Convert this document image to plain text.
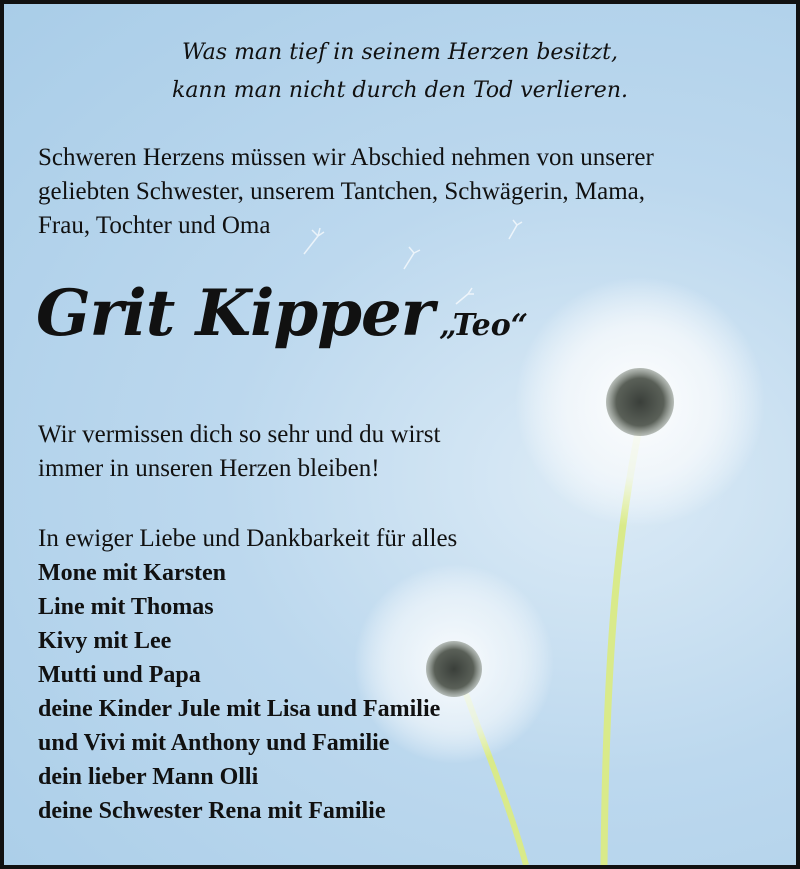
Was man tief in seinem Herzen besitzt,
kann man nicht durch den Tod verlieren.
Schweren Herzens müssen wir Abschied nehmen von unserer
geliebten Schwester, unserem Tantchen, Schwägerin, Mama,
Frau, Tochter und Oma
Grit Kipper „Teo“
Wir vermissen dich so sehr und du wirst
immer in unseren Herzen bleiben!
In ewiger Liebe und Dankbarkeit für alles
Mone mit Karsten
Line mit Thomas
Kivy mit Lee
Mutti und Papa
deine Kinder Jule mit Lisa und Familie
und Vivi mit Anthony und Familie
dein lieber Mann Olli
deine Schwester Rena mit Familie
